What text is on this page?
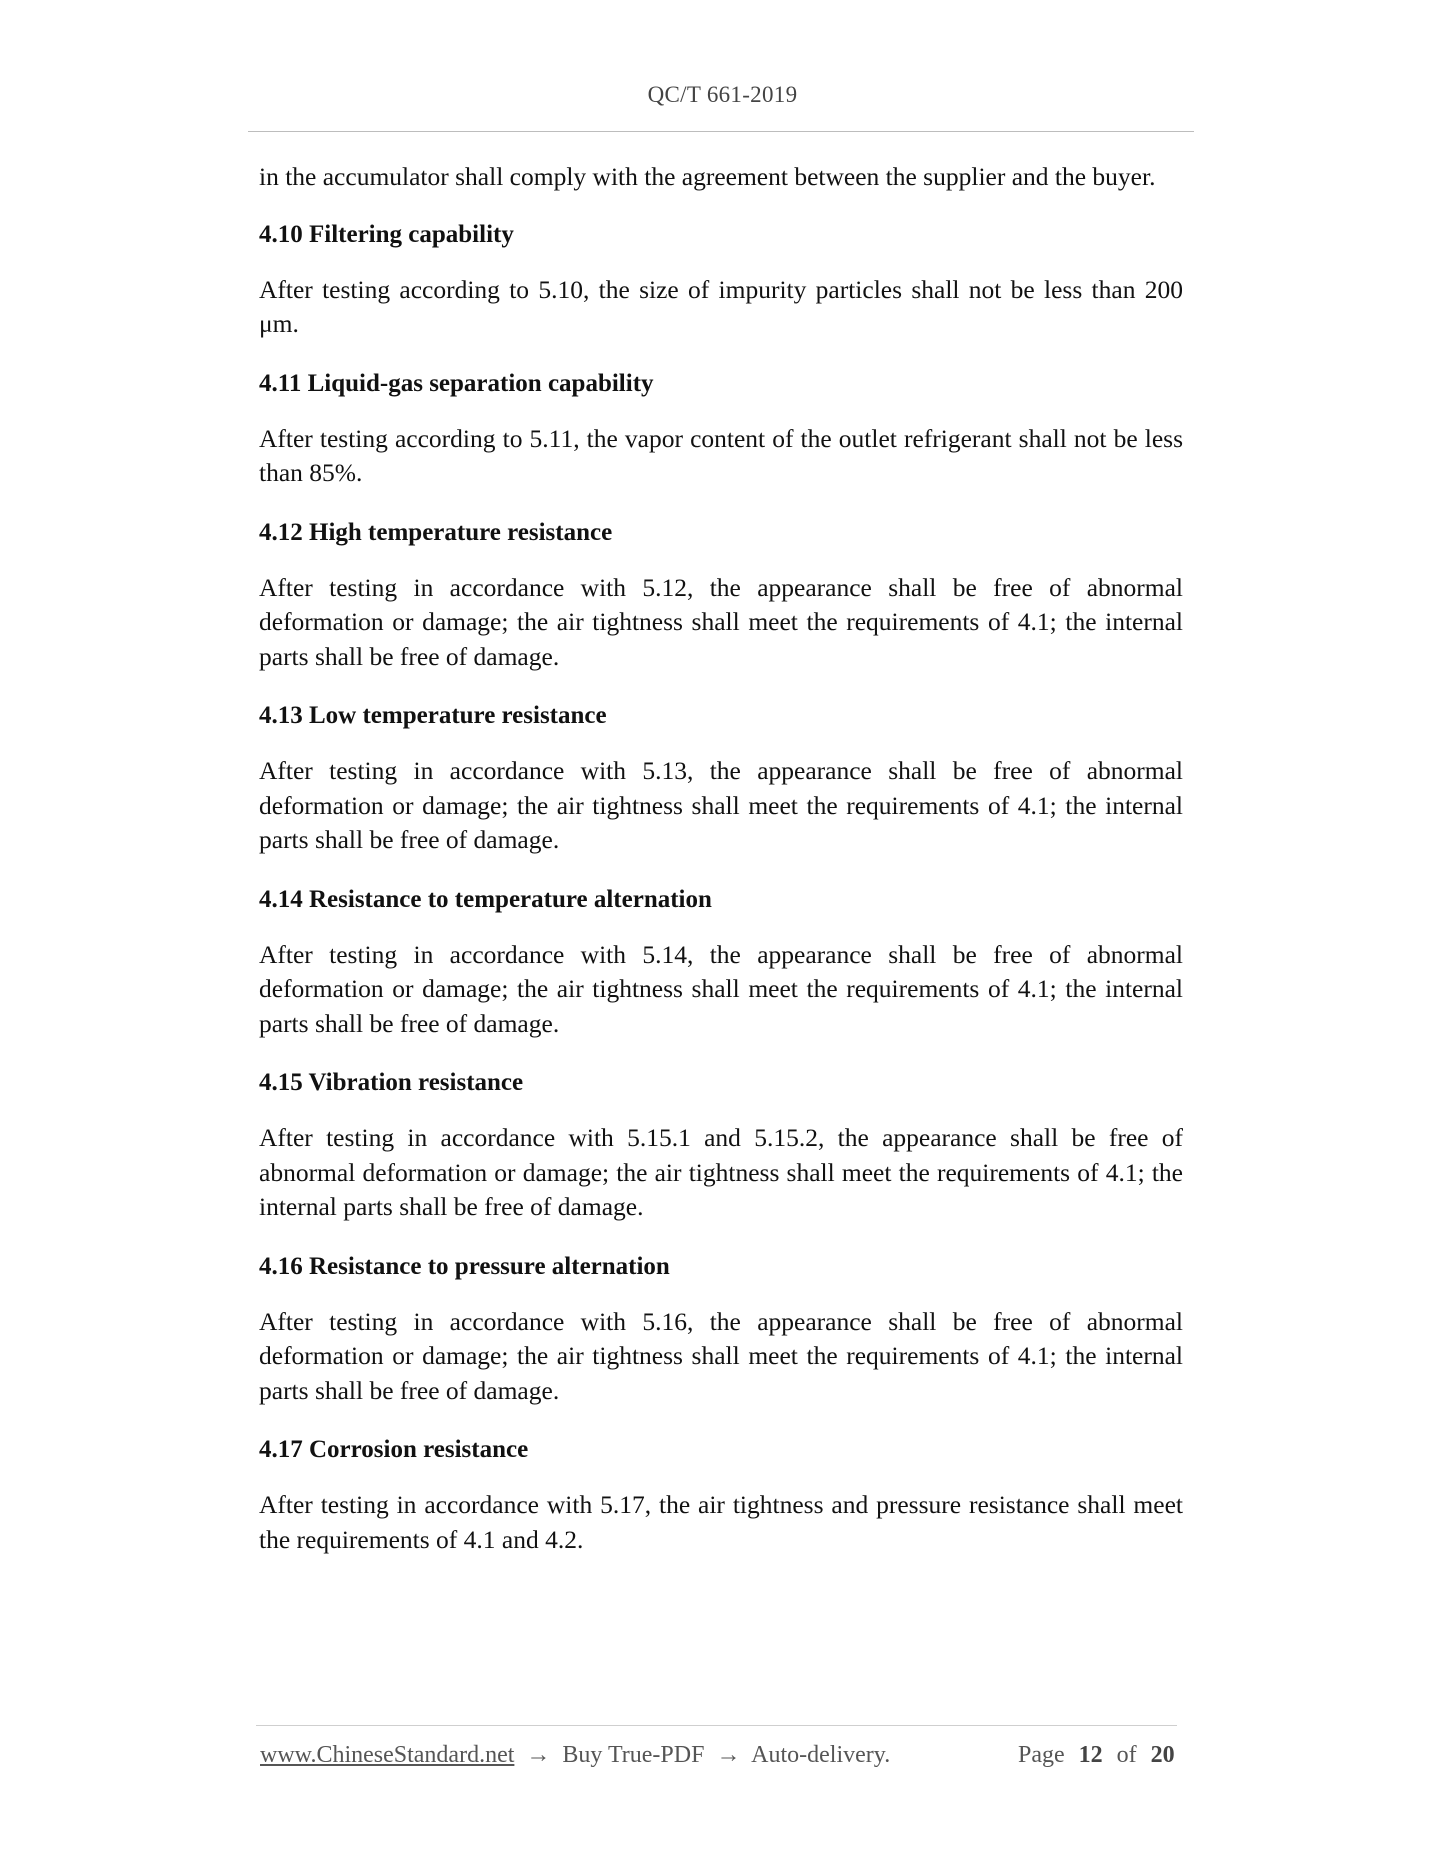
QC/T 661-2019

in the accumulator shall comply with the agreement between the supplier and the buyer.

4.10 Filtering capability

After testing according to 5.10, the size of impurity particles shall not be less than 200 μm.

4.11 Liquid-gas separation capability

After testing according to 5.11, the vapor content of the outlet refrigerant shall not be less than 85%.

4.12 High temperature resistance

After testing in accordance with 5.12, the appearance shall be free of abnormal deformation or damage; the air tightness shall meet the requirements of 4.1; the internal parts shall be free of damage.

4.13 Low temperature resistance

After testing in accordance with 5.13, the appearance shall be free of abnormal deformation or damage; the air tightness shall meet the requirements of 4.1; the internal parts shall be free of damage.

4.14 Resistance to temperature alternation

After testing in accordance with 5.14, the appearance shall be free of abnormal deformation or damage; the air tightness shall meet the requirements of 4.1; the internal parts shall be free of damage.

4.15 Vibration resistance

After testing in accordance with 5.15.1 and 5.15.2, the appearance shall be free of abnormal deformation or damage; the air tightness shall meet the requirements of 4.1; the internal parts shall be free of damage.

4.16 Resistance to pressure alternation

After testing in accordance with 5.16, the appearance shall be free of abnormal deformation or damage; the air tightness shall meet the requirements of 4.1; the internal parts shall be free of damage.

4.17 Corrosion resistance

After testing in accordance with 5.17, the air tightness and pressure resistance shall meet the requirements of 4.1 and 4.2.

www.ChineseStandard.net → Buy True-PDF → Auto-delivery.	Page 12 of 20
